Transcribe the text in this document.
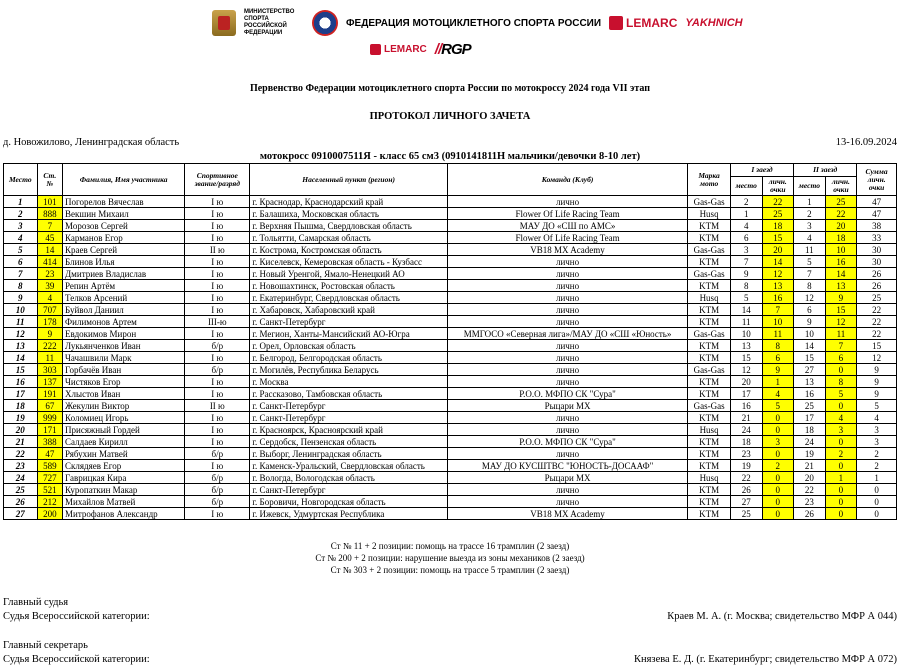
МИНИСТЕРСТВО СПОРТА РОССИЙСКОЙ ФЕДЕРАЦИИ
ФЕДЕРАЦИЯ МОТОЦИКЛЕТНОГО СПОРТА РОССИИ LEMARC YAKHNICH
LEMARC //RGP
Первенство Федерации мотоциклетного спорта России по мотокроссу 2024 года VII этап
ПРОТОКОЛ ЛИЧНОГО ЗАЧЕТА
д. Новожилово, Ленинградская область	13-16.09.2024
мотокросс 0910007511Я - класс 65 см3 (0910141811Н мальчики/девочки 8-10 лет)
Место	Ст. №	Фамилия, Имя участника	Спортивное звание/разряд	Населенный пункт (регион)	Команда (Клуб)	Марка мото	I заезд		II заезд		Сумма личн. очки
							место	личн. очки	место	личн. очки	
1	101	Погорелов Вячеслав	I ю	г. Краснодар, Краснодарский край	лично	Gas-Gas	2	22	1	25	47
2	888	Векшин Михаил	I ю	г. Балашиха, Московская область	Flower Of Life Racing Team	Husq	1	25	2	22	47
3	7	Морозов Сергей	I ю	г. Верхняя Пышма, Свердловская область	МАУ ДО «СШ по АМС»	KTM	4	18	3	20	38
4	45	Карманов Егор	I ю	г. Тольятти, Самарская область	Flower Of Life Racing Team	KTM	6	15	4	18	33
5	14	Краев Сергей	II ю	г. Кострома, Костромская область	VB18 MX Academy	Gas-Gas	3	20	11	10	30
6	414	Блинов Илья	I ю	г. Киселевск, Кемеровская область - Кузбасс	лично	KTM	7	14	5	16	30
7	23	Дмитриев Владислав	I ю	г. Новый Уренгой, Ямало-Ненецкий АО	лично	Gas-Gas	9	12	7	14	26
8	39	Репин Артём	I ю	г. Новошахтинск, Ростовская область	лично	KTM	8	13	8	13	26
9	4	Телков Арсений	I ю	г. Екатеринбург, Свердловская область	лично	Husq	5	16	12	9	25
10	707	Буйвол Даниил	I ю	г. Хабаровск, Хабаровский край	лично	KTM	14	7	6	15	22
11	178	Филимонов Артем	III-ю	г. Санкт-Петербург	лично	KTM	11	10	9	12	22
12	9	Евдокимов Мирон	I ю	г. Мегион, Ханты-Мансийский АО-Югра	ММГОСО «Северная лига»/МАУ ДО «СШ «Юность»	Gas-Gas	10	11	10	11	22
13	222	Лукьянченков Иван	б/р	г. Орел, Орловская область	лично	KTM	13	8	14	7	15
14	11	Чачашвили Марк	I ю	г. Белгород, Белгородская область	лично	KTM	15	6	15	6	12
15	303	Горбачёв Иван	б/р	г. Могилёв, Республика Беларусь	лично	Gas-Gas	12	9	27	0	9
16	137	Чистяков Егор	I ю	г. Москва	лично	KTM	20	1	13	8	9
17	191	Хлыстов Иван	I ю	г. Рассказово, Тамбовская область	Р.О.О. МФПО СК "Сура"	KTM	17	4	16	5	9
18	67	Жекулин Виктор	II ю	г. Санкт-Петербург	Рыцари МХ	Gas-Gas	16	5	25	0	5
19	999	Коломиец Игорь	I ю	г. Санкт-Петербург	лично	KTM	21	0	17	4	4
20	171	Присяжный Гордей	I ю	г. Красноярск, Красноярский край	лично	Husq	24	0	18	3	3
21	388	Салдаев Кирилл	I ю	г. Сердобск, Пензенская область	Р.О.О. МФПО СК "Сура"	KTM	18	3	24	0	3
22	47	Рябухин Матвей	б/р	г. Выборг, Ленинградская область	лично	KTM	23	0	19	2	2
23	589	Склядяев Егор	I ю	г. Каменск-Уральский, Свердловская область	МАУ ДО КУСШТВС "ЮНОСТЬ-ДОСААФ"	KTM	19	2	21	0	2
24	727	Гаврицкая Кира	б/р	г. Вологда, Вологодская область	Рыцари МХ	Husq	22	0	20	1	1
25	521	Куропаткин Макар	б/р	г. Санкт-Петербург	лично	KTM	26	0	22	0	0
26	212	Михайлов Матвей	б/р	г. Боровичи, Новгородская область	лично	KTM	27	0	23	0	0
27	200	Митрофанов Александр	I ю	г. Ижевск, Удмуртская Республика	VB18 MX Academy	KTM	25	0	26	0	0
Ст № 11 + 2 позиции: помощь на трассе 16 трамплин (2 заезд)
Ст № 200 + 2 позиции: нарушение выезда из зоны механиков (2 заезд)
Ст № 303 + 2 позиции: помощь на трассе 5 трамплин (2 заезд)
Главный судья
Судья Всероссийской категории:	Краев М. А. (г. Москва; свидетельство МФР А 044)
Главный секретарь
Судья Всероссийской категории:	Князева Е. Д. (г. Екатеринбург; свидетельство МФР А 072)
